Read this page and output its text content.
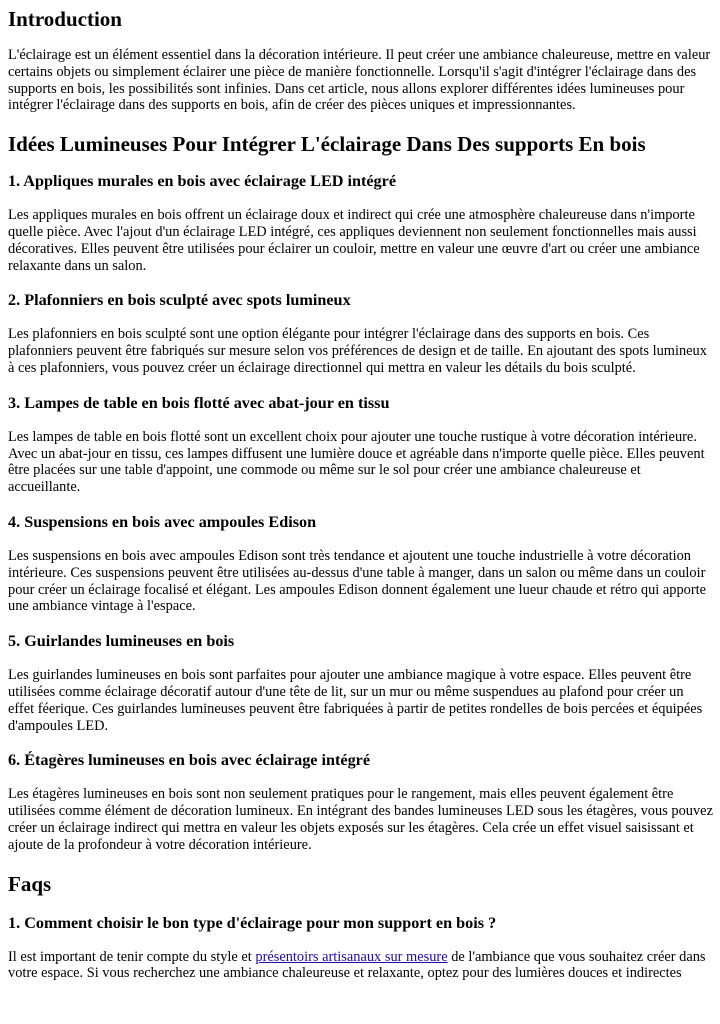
Introduction

L'éclairage est un élément essentiel dans la décoration intérieure. Il peut créer une ambiance chaleureuse, mettre en valeur certains objets ou simplement éclairer une pièce de manière fonctionnelle. Lorsqu'il s'agit d'intégrer l'éclairage dans des supports en bois, les possibilités sont infinies. Dans cet article, nous allons explorer différentes idées lumineuses pour intégrer l'éclairage dans des supports en bois, afin de créer des pièces uniques et impressionnantes.

Idées Lumineuses Pour Intégrer L'éclairage Dans Des supports En bois
1. Appliques murales en bois avec éclairage LED intégré

Les appliques murales en bois offrent un éclairage doux et indirect qui crée une atmosphère chaleureuse dans n'importe quelle pièce. Avec l'ajout d'un éclairage LED intégré, ces appliques deviennent non seulement fonctionnelles mais aussi décoratives. Elles peuvent être utilisées pour éclairer un couloir, mettre en valeur une œuvre d'art ou créer une ambiance relaxante dans un salon.

2. Plafonniers en bois sculpté avec spots lumineux

Les plafonniers en bois sculpté sont une option élégante pour intégrer l'éclairage dans des supports en bois. Ces plafonniers peuvent être fabriqués sur mesure selon vos préférences de design et de taille. En ajoutant des spots lumineux à ces plafonniers, vous pouvez créer un éclairage directionnel qui mettra en valeur les détails du bois sculpté.

3. Lampes de table en bois flotté avec abat-jour en tissu

Les lampes de table en bois flotté sont un excellent choix pour ajouter une touche rustique à votre décoration intérieure. Avec un abat-jour en tissu, ces lampes diffusent une lumière douce et agréable dans n'importe quelle pièce. Elles peuvent être placées sur une table d'appoint, une commode ou même sur le sol pour créer une ambiance chaleureuse et accueillante.

4. Suspensions en bois avec ampoules Edison

Les suspensions en bois avec ampoules Edison sont très tendance et ajoutent une touche industrielle à votre décoration intérieure. Ces suspensions peuvent être utilisées au-dessus d'une table à manger, dans un salon ou même dans un couloir pour créer un éclairage focalisé et élégant. Les ampoules Edison donnent également une lueur chaude et rétro qui apporte une ambiance vintage à l'espace.

5. Guirlandes lumineuses en bois

Les guirlandes lumineuses en bois sont parfaites pour ajouter une ambiance magique à votre espace. Elles peuvent être utilisées comme éclairage décoratif autour d'une tête de lit, sur un mur ou même suspendues au plafond pour créer un effet féerique. Ces guirlandes lumineuses peuvent être fabriquées à partir de petites rondelles de bois percées et équipées d'ampoules LED.

6. Étagères lumineuses en bois avec éclairage intégré

Les étagères lumineuses en bois sont non seulement pratiques pour le rangement, mais elles peuvent également être utilisées comme élément de décoration lumineux. En intégrant des bandes lumineuses LED sous les étagères, vous pouvez créer un éclairage indirect qui mettra en valeur les objets exposés sur les étagères. Cela crée un effet visuel saisissant et ajoute de la profondeur à votre décoration intérieure.

Faqs
1. Comment choisir le bon type d'éclairage pour mon support en bois ?

Il est important de tenir compte du style et présentoirs artisanaux sur mesure de l'ambiance que vous souhaitez créer dans votre espace. Si vous recherchez une ambiance chaleureuse et relaxante, optez pour des lumières douces et indirectes
